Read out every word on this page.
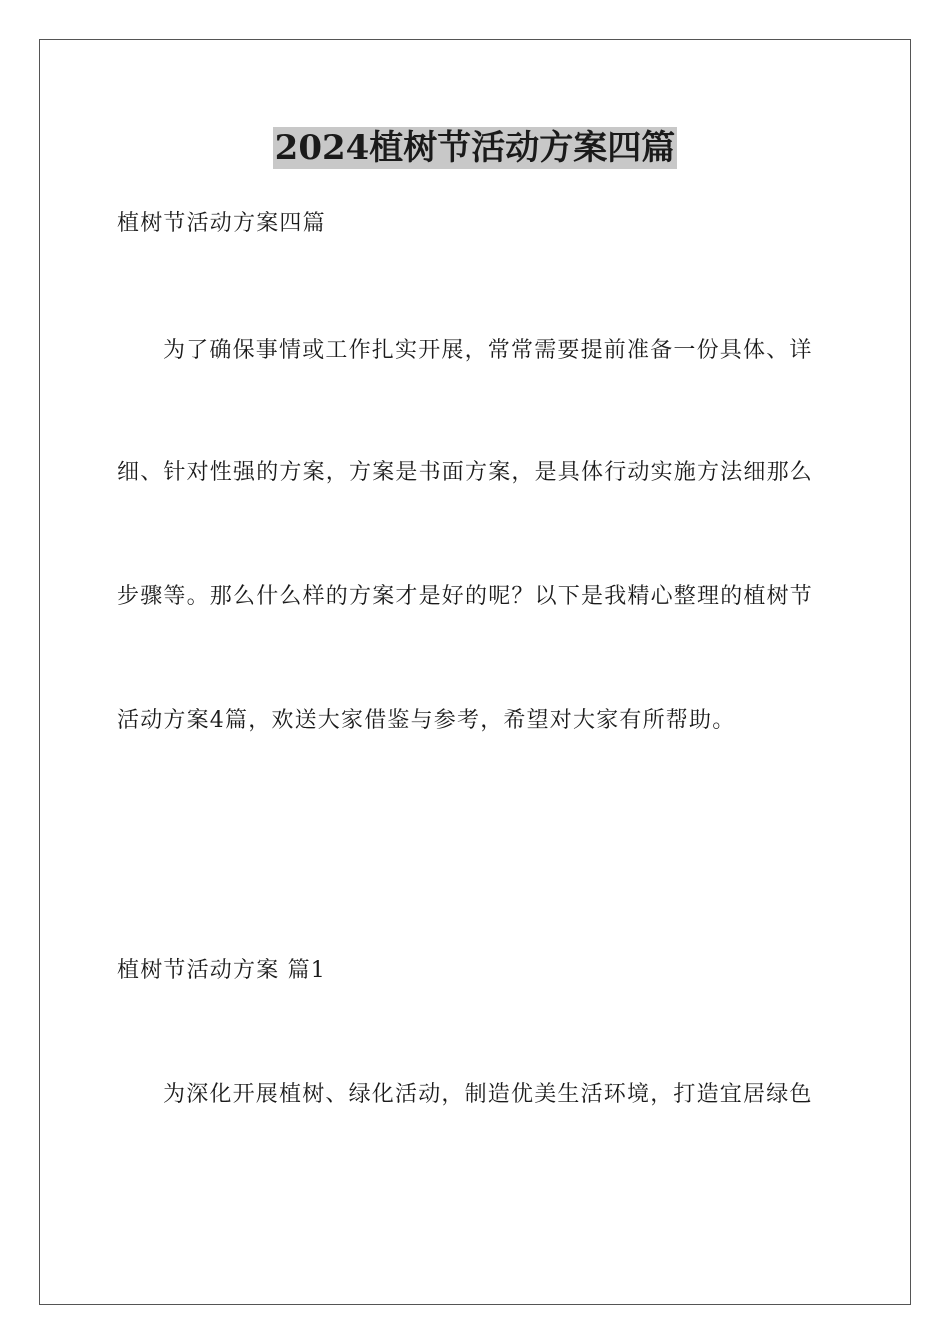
2024植树节活动方案四篇
植树节活动方案四篇
为了确保事情或工作扎实开展，常常需要提前准备一份具体、详
细、针对性强的方案，方案是书面方案，是具体行动实施方法细那么
步骤等。那么什么样的方案才是好的呢？以下是我精心整理的植树节
活动方案4篇，欢送大家借鉴与参考，希望对大家有所帮助。
植树节活动方案 篇1
为深化开展植树、绿化活动，制造优美生活环境，打造宜居绿色
